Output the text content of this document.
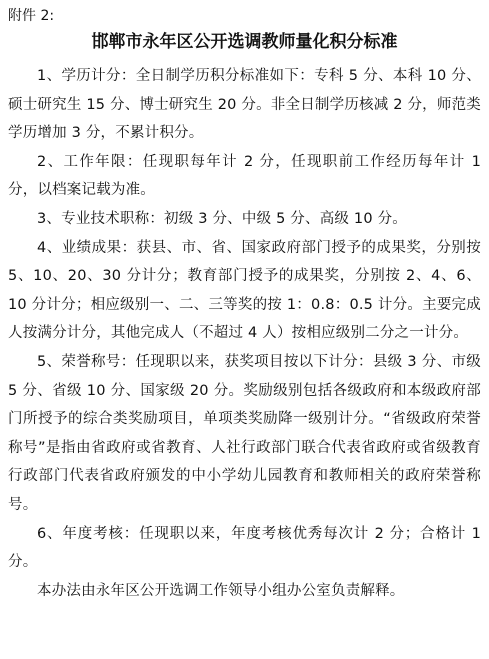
附件 2:
邯郸市永年区公开选调教师量化积分标准

1、学历计分：全日制学历积分标准如下：专科 5 分、本科 10 分、硕士研究生 15 分、博士研究生 20 分。非全日制学历核减 2 分，师范类学历增加 3 分，不累计积分。

2、工作年限：任现职每年计 2 分，任现职前工作经历每年计 1 分，以档案记载为准。

3、专业技术职称：初级 3 分、中级 5 分、高级 10 分。

4、业绩成果：获县、市、省、国家政府部门授予的成果奖，分别按 5、10、20、30 分计分；教育部门授予的成果奖，分别按 2、4、6、10 分计分；相应级别一、二、三等奖的按 1：0.8：0.5 计分。主要完成人按满分计分，其他完成人（不超过 4 人）按相应级别二分之一计分。

5、荣誉称号：任现职以来，获奖项目按以下计分：县级 3 分、市级 5 分、省级 10 分、国家级 20 分。奖励级别包括各级政府和本级政府部门所授予的综合类奖励项目，单项类奖励降一级别计分。“省级政府荣誉称号”是指由省政府或省教育、人社行政部门联合代表省政府或省级教育行政部门代表省政府颁发的中小学幼儿园教育和教师相关的政府荣誉称号。

6、年度考核：任现职以来，年度考核优秀每次计 2 分；合格计 1 分。

本办法由永年区公开选调工作领导小组办公室负责解释。
